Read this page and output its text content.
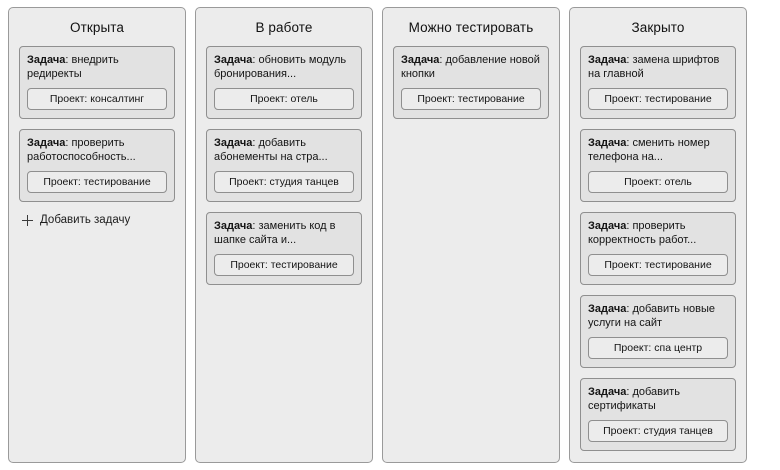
Открыта
Задача: внедрить редиректы
Проект: консалтинг
Задача: проверить работоспособность...
Проект: тестирование
Добавить задачу
В работе
Задача: обновить модуль бронирования...
Проект: отель
Задача: добавить абонементы на стра...
Проект: студия танцев
Задача: заменить код в шапке сайта и...
Проект: тестирование
Можно тестировать
Задача: добавление новой кнопки
Проект: тестирование
Закрыто
Задача: замена шрифтов на главной
Проект: тестирование
Задача: сменить номер телефона на...
Проект: отель
Задача: проверить корректность работ...
Проект: тестирование
Задача: добавить новые услуги на сайт
Проект: спа центр
Задача: добавить сертификаты
Проект: студия танцев
